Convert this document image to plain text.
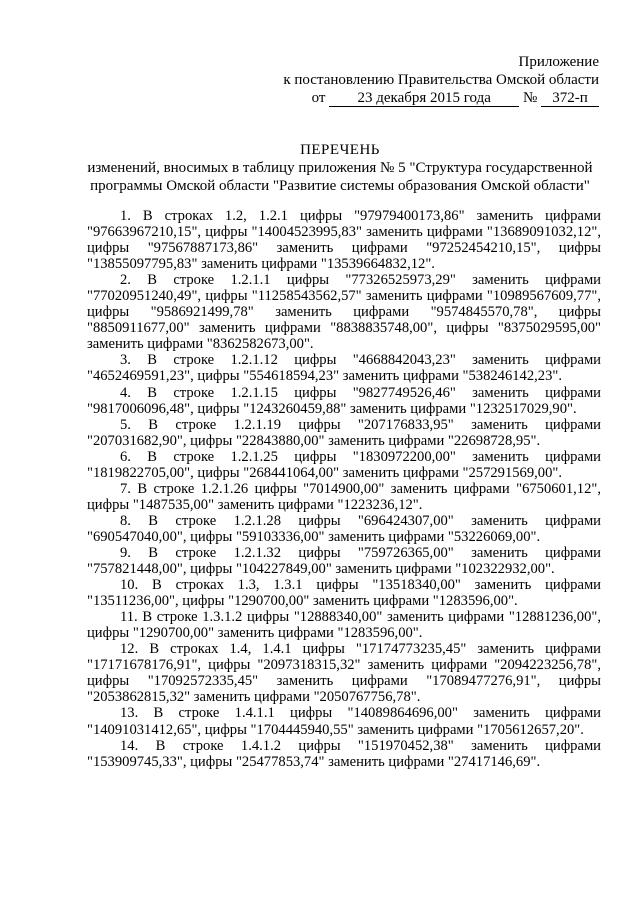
Приложение
к постановлению Правительства Омской области
от 23 декабря 2015 года № 372-п
ПЕРЕЧЕНЬ
изменений, вносимых в таблицу приложения № 5 "Структура государственной
программы Омской области "Развитие системы образования Омской области"

1. В строках 1.2, 1.2.1 цифры "97979400173,86" заменить цифрами "97663967210,15", цифры "14004523995,83" заменить цифрами "13689091032,12", цифры "97567887173,86" заменить цифрами "97252454210,15", цифры "13855097795,83" заменить цифрами "13539664832,12".

2. В строке 1.2.1.1 цифры "77326525973,29" заменить цифрами "77020951240,49", цифры "11258543562,57" заменить цифрами "10989567609,77", цифры "9586921499,78" заменить цифрами "9574845570,78", цифры "8850911677,00" заменить цифрами "8838835748,00", цифры "8375029595,00" заменить цифрами "8362582673,00".

3. В строке 1.2.1.12 цифры "4668842043,23" заменить цифрами "4652469591,23", цифры "554618594,23" заменить цифрами "538246142,23".

4. В строке 1.2.1.15 цифры "9827749526,46" заменить цифрами "9817006096,48", цифры "1243260459,88" заменить цифрами "1232517029,90".

5. В строке 1.2.1.19 цифры "207176833,95" заменить цифрами "207031682,90", цифры "22843880,00" заменить цифрами "22698728,95".

6. В строке 1.2.1.25 цифры "1830972200,00" заменить цифрами "1819822705,00", цифры "268441064,00" заменить цифрами "257291569,00".

7. В строке 1.2.1.26 цифры "7014900,00" заменить цифрами "6750601,12", цифры "1487535,00" заменить цифрами "1223236,12".

8. В строке 1.2.1.28 цифры "696424307,00" заменить цифрами "690547040,00", цифры "59103336,00" заменить цифрами "53226069,00".

9. В строке 1.2.1.32 цифры "759726365,00" заменить цифрами "757821448,00", цифры "104227849,00" заменить цифрами "102322932,00".

10. В строках 1.3, 1.3.1 цифры "13518340,00" заменить цифрами "13511236,00", цифры "1290700,00" заменить цифрами "1283596,00".

11. В строке 1.3.1.2 цифры "12888340,00" заменить цифрами "12881236,00", цифры "1290700,00" заменить цифрами "1283596,00".

12. В строках 1.4, 1.4.1 цифры "17174773235,45" заменить цифрами "17171678176,91", цифры "2097318315,32" заменить цифрами "2094223256,78", цифры "17092572335,45" заменить цифрами "17089477276,91", цифры "2053862815,32" заменить цифрами "2050767756,78".

13. В строке 1.4.1.1 цифры "14089864696,00" заменить цифрами "14091031412,65", цифры "1704445940,55" заменить цифрами "1705612657,20".

14. В строке 1.4.1.2 цифры "151970452,38" заменить цифрами "153909745,33", цифры "25477853,74" заменить цифрами "27417146,69".
